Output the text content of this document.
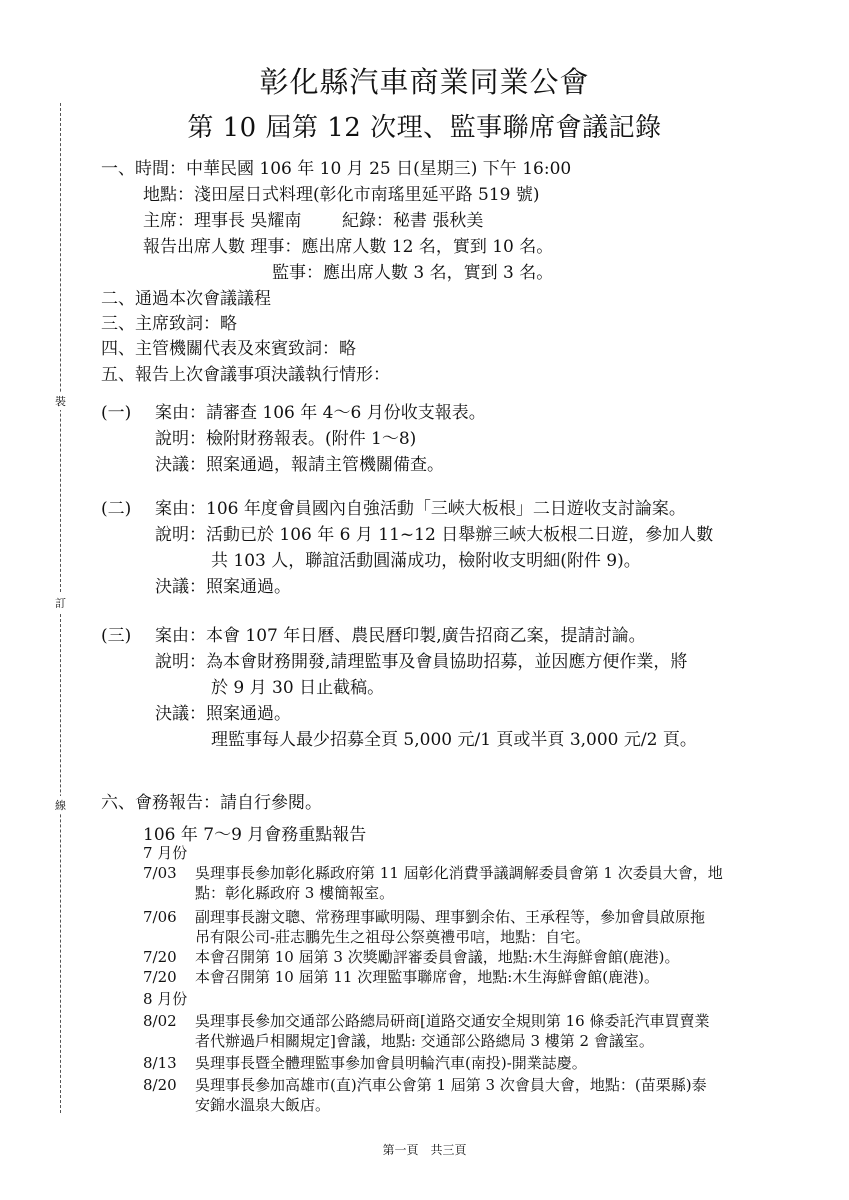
裝
訂
線
彰化縣汽車商業同業公會
第 10 屆第 12 次理、監事聯席會議記錄
一、時間：中華民國 106 年 10 月 25 日(星期三) 下午 16:00
地點：淺田屋日式料理(彰化市南瑤里延平路 519 號)
主席：理事長 吳耀南 紀錄：秘書 張秋美
報告出席人數 理事：應出席人數 12 名，實到 10 名。
監事：應出席人數 3 名，實到 3 名。
二、通過本次會議議程
三、主席致詞：略
四、主管機關代表及來賓致詞：略
五、報告上次會議事項決議執行情形：
(一) 案由：請審查 106 年 4～6 月份收支報表。
說明：檢附財務報表。(附件 1～8)
決議：照案通過，報請主管機關備查。
(二) 案由：106 年度會員國內自強活動「三峽大板根」二日遊收支討論案。
說明：活動已於 106 年 6 月 11~12 日舉辦三峽大板根二日遊，參加人數
共 103 人，聯誼活動圓滿成功，檢附收支明細(附件 9)。
決議：照案通過。
(三) 案由：本會 107 年日曆、農民曆印製,廣告招商乙案，提請討論。
說明：為本會財務開發,請理監事及會員協助招募，並因應方便作業，將
於 9 月 30 日止截稿。
決議：照案通過。
理監事每人最少招募全頁 5,000 元/1 頁或半頁 3,000 元/2 頁。
六、會務報告：請自行參閱。
106 年 7～9 月會務重點報告
7 月份
7/03 吳理事長參加彰化縣政府第 11 屆彰化消費爭議調解委員會第 1 次委員大會，地
點：彰化縣政府 3 樓簡報室。
7/06 副理事長謝文聰、常務理事歐明陽、理事劉余佑、王承程等，參加會員啟原拖
吊有限公司-莊志鵬先生之祖母公祭奠禮弔唁，地點：自宅。
7/20 本會召開第 10 屆第 3 次獎勵評審委員會議，地點:木生海鮮會館(鹿港)。
7/20 本會召開第 10 屆第 11 次理監事聯席會，地點:木生海鮮會館(鹿港)。
8 月份
8/02 吳理事長參加交通部公路總局研商[道路交通安全規則第 16 條委託汽車買賣業
者代辦過戶相關規定]會議，地點: 交通部公路總局 3 樓第 2 會議室。
8/13 吳理事長暨全體理監事參加會員明輪汽車(南投)-開業誌慶。
8/20 吳理事長參加高雄市(直)汽車公會第 1 屆第 3 次會員大會，地點：(苗栗縣)泰
安錦水溫泉大飯店。
第一頁　共三頁
